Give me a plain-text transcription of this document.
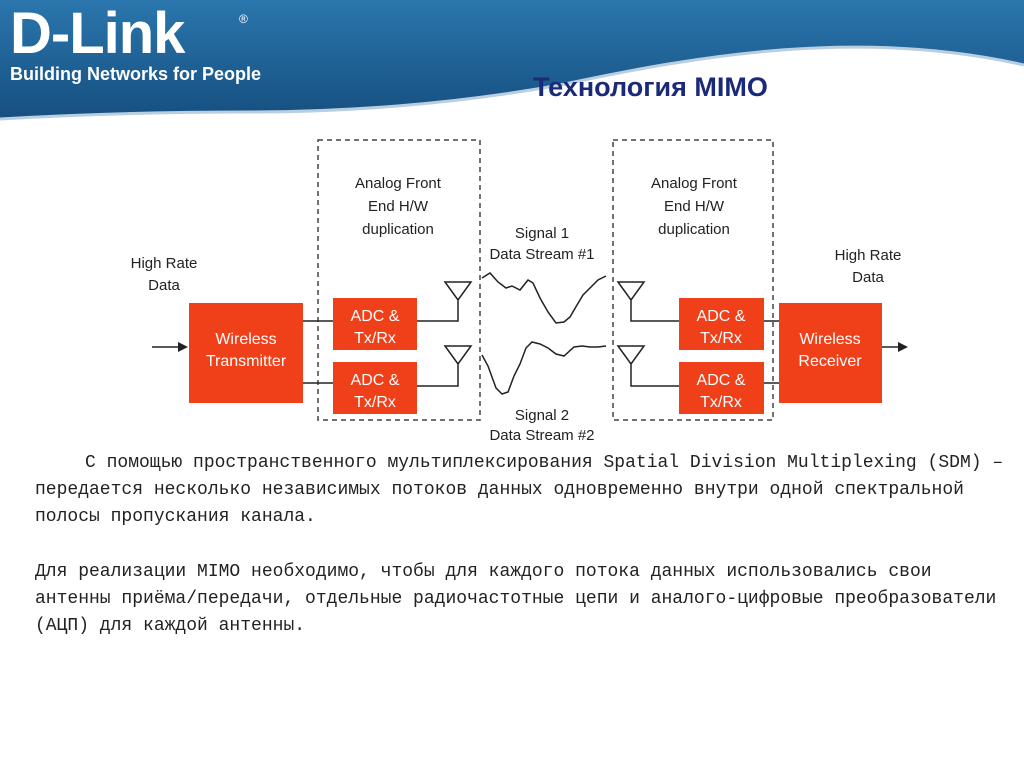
D-Link	®
Building Networks for People	Технология MIMO
Analog Front
End H/W
duplication
Analog Front
End H/W
duplication
High Rate
Data
High Rate
Data
Signal 1
Data Stream #1
Signal 2
Data Stream #2
Wireless
Transmitter
ADC &
Tx/Rx
ADC &
Tx/Rx
ADC &
Tx/Rx
ADC &
Tx/Rx
Wireless
Receiver

С помощью пространственного мультиплексирования Spatial Division Multiplexing (SDM) – передается несколько независимых потоков данных одновременно внутри одной спектральной полосы пропускания канала.

Для реализации MIMO необходимо, чтобы для каждого потока данных использовались свои антенны приёма/передачи, отдельные радиочастотные цепи и аналого-цифровые преобразователи (АЦП) для каждой антенны.
